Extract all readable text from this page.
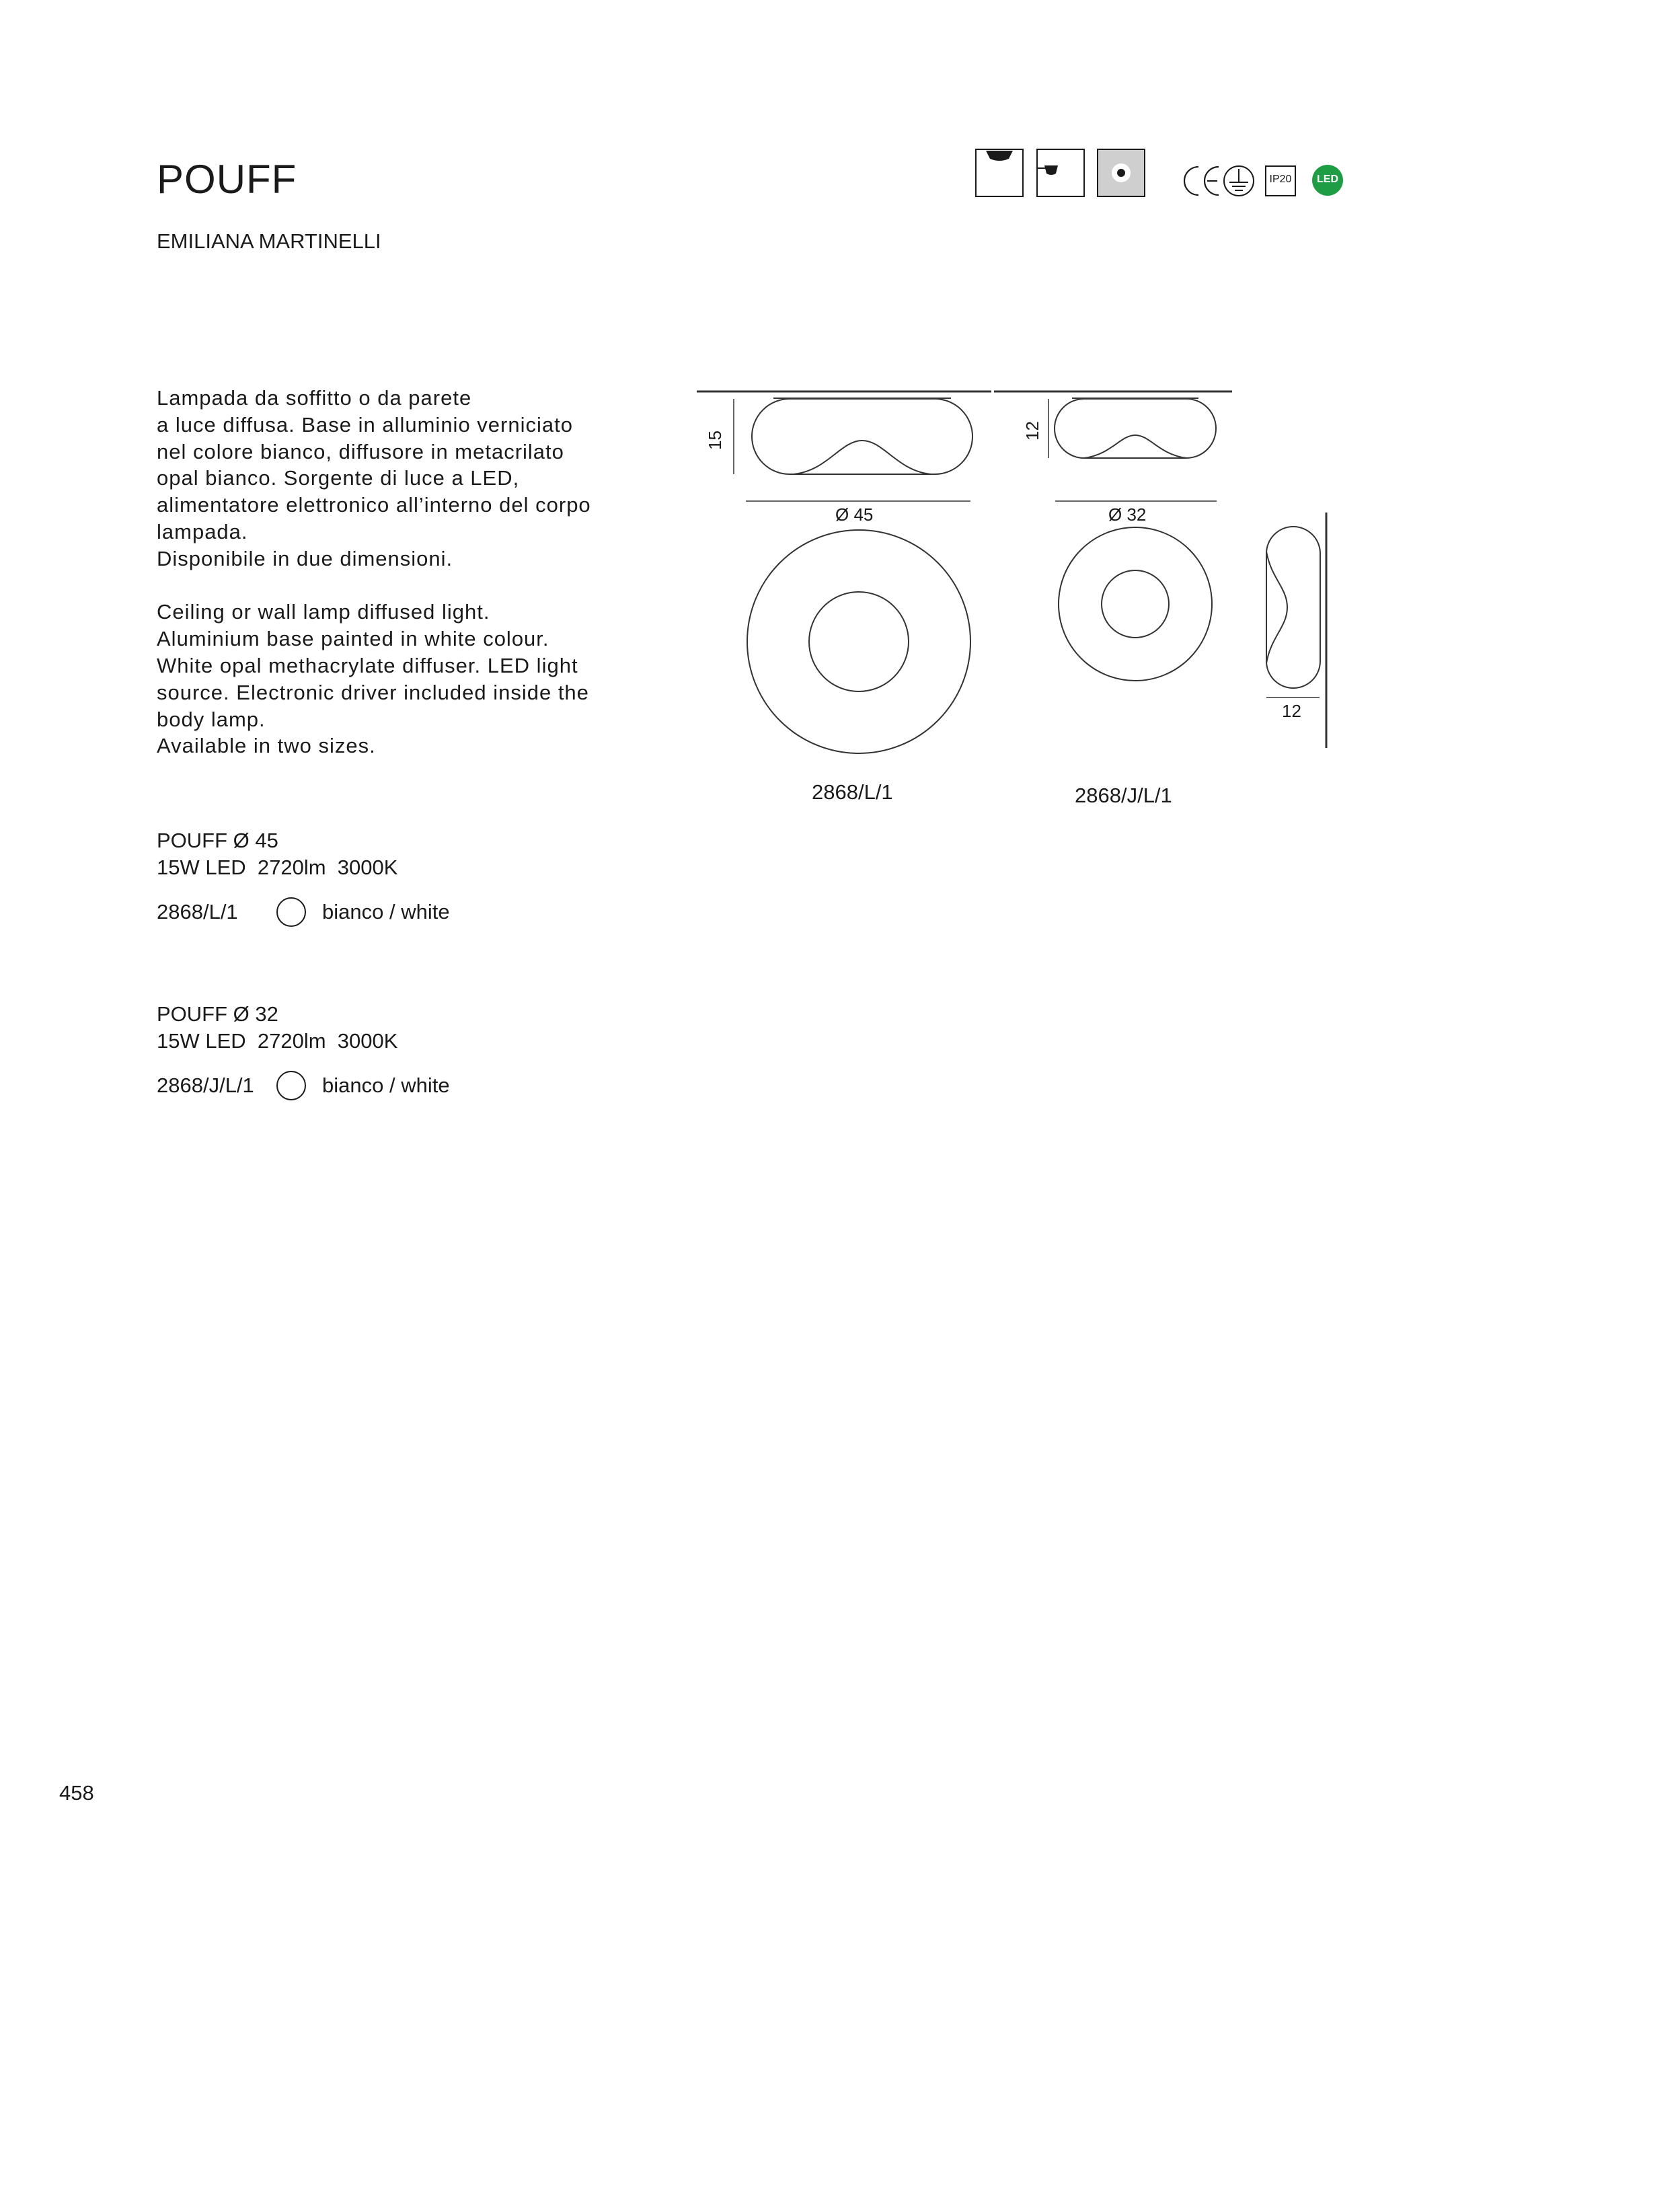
POUFF
EMILIANA MARTINELLI
IP20	LED
Lampada da soffitto o da parete
a luce diffusa. Base in alluminio verniciato
nel colore bianco, diffusore in metacrilato
opal bianco. Sorgente di luce a LED,
alimentatore elettronico all’interno del corpo
lampada.
Disponibile in due dimensioni.
Ceiling or wall lamp diffused light.
Aluminium base painted in white colour.
White opal methacrylate diffuser. LED light
source. Electronic driver included inside the
body lamp.
Available in two sizes.
15
Ø 45
2868/L/1
12
Ø 32
2868/J/L/1
12
POUFF Ø 45
15W LED  2720lm  3000K
2868/L/1	bianco / white
POUFF Ø 32
15W LED  2720lm  3000K
2868/J/L/1	bianco / white
458
